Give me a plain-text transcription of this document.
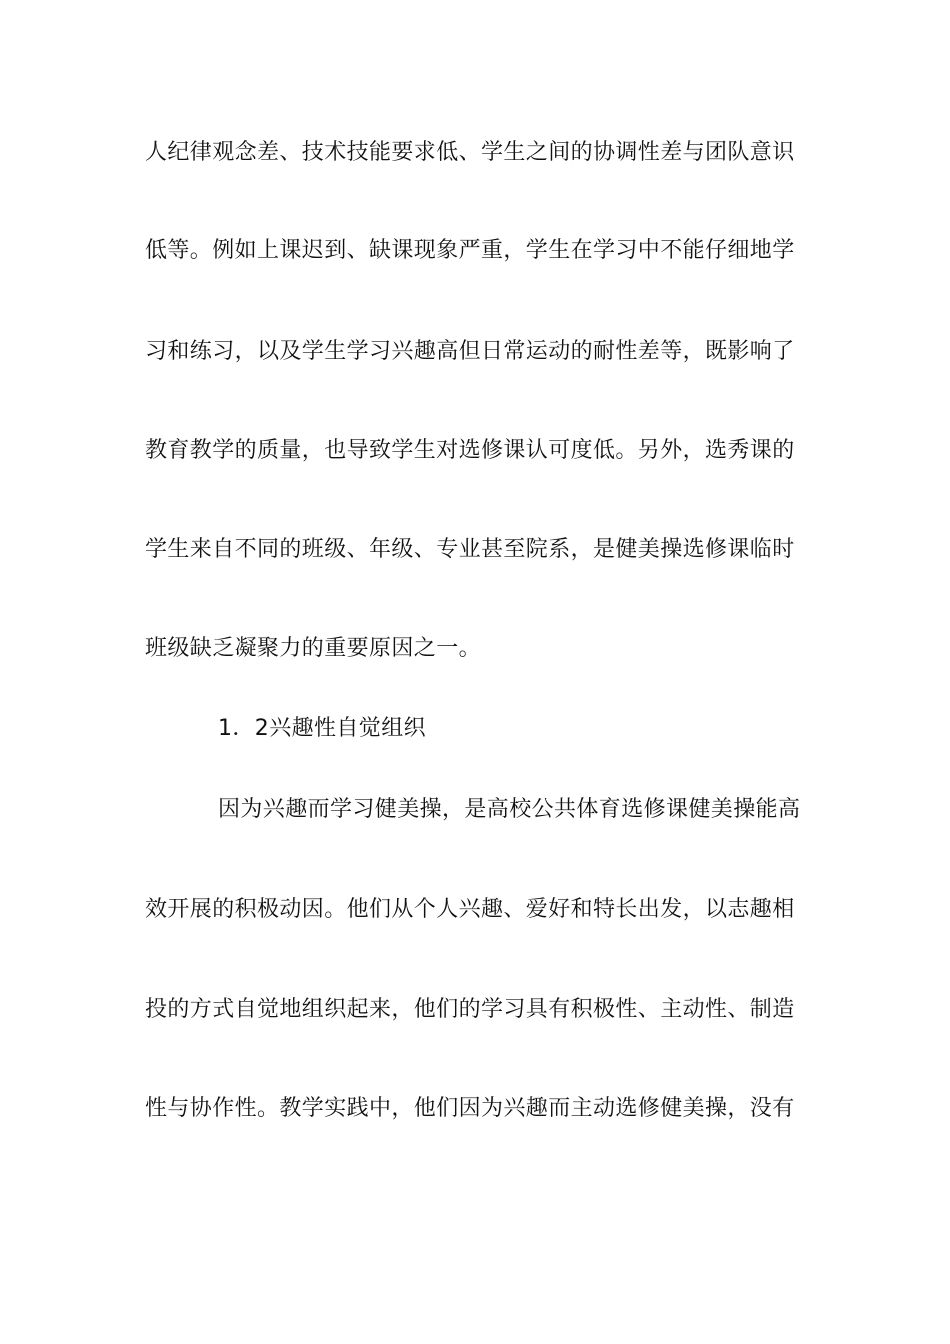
人纪律观念差、技术技能要求低、学生之间的协调性差与团队意识
低等。例如上课迟到、缺课现象严重，学生在学习中不能仔细地学
习和练习，以及学生学习兴趣高但日常运动的耐性差等，既影响了
教育教学的质量，也导致学生对选修课认可度低。另外，选秀课的
学生来自不同的班级、年级、专业甚至院系，是健美操选修课临时
班级缺乏凝聚力的重要原因之一。
1．2兴趣性自觉组织
因为兴趣而学习健美操，是高校公共体育选修课健美操能高
效开展的积极动因。他们从个人兴趣、爱好和特长出发，以志趣相
投的方式自觉地组织起来，他们的学习具有积极性、主动性、制造
性与协作性。教学实践中，他们因为兴趣而主动选修健美操，没有
